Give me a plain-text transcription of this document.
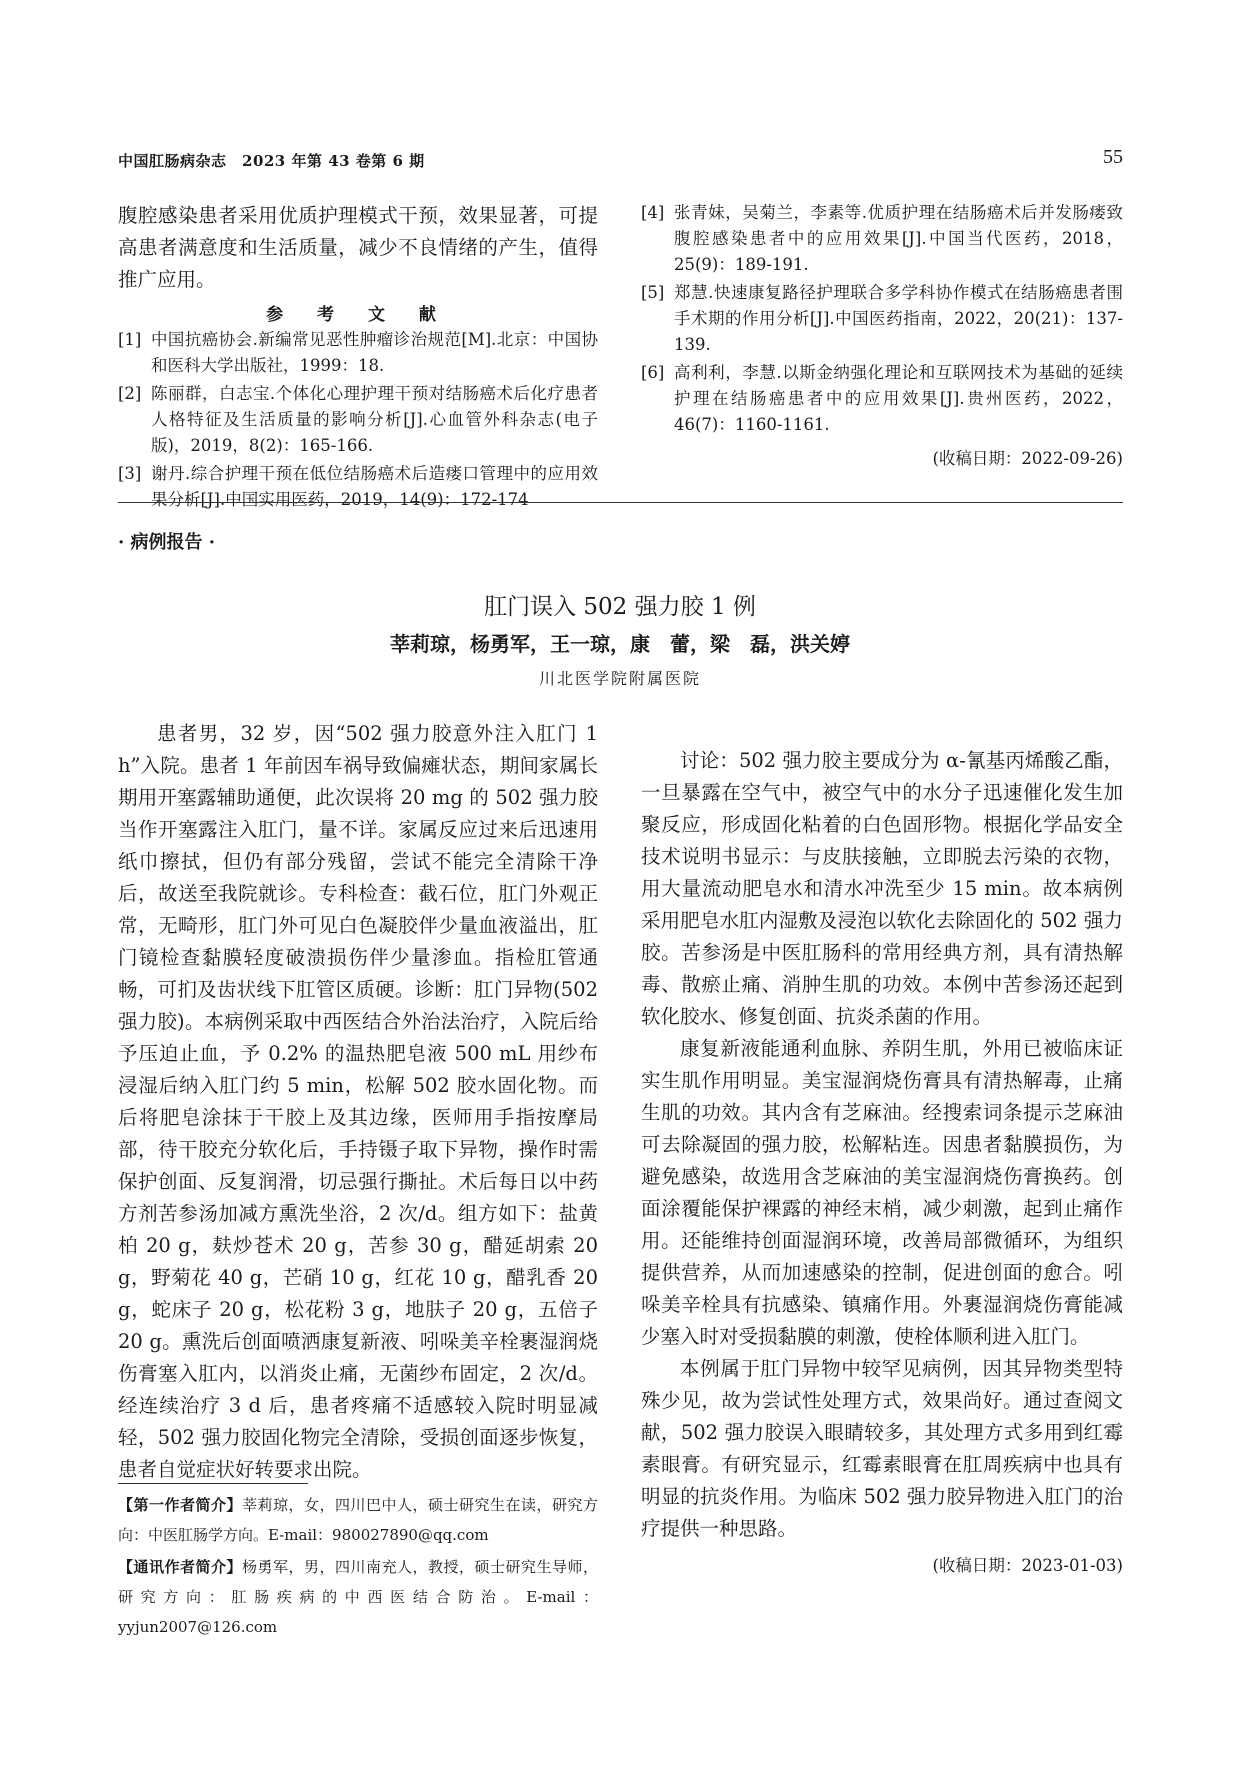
中国肛肠病杂志　2023 年第 43 卷第 6 期	55

腹腔感染患者采用优质护理模式干预，效果显著，可提高患者满意度和生活质量，减少不良情绪的产生，值得推广应用。

参 考 文 献
[1] 中国抗癌协会.新编常见恶性肿瘤诊治规范[M].北京：中国协和医科大学出版社，1999：18.
[2] 陈丽群，白志宝.个体化心理护理干预对结肠癌术后化疗患者人格特征及生活质量的影响分析[J].心血管外科杂志(电子版)，2019，8(2)：165-166.
[3] 谢丹.综合护理干预在低位结肠癌术后造瘘口管理中的应用效果分析[J].中国实用医药，2019，14(9)：172-174
[4] 张青妹，吴菊兰，李素等.优质护理在结肠癌术后并发肠瘘致腹腔感染患者中的应用效果[J].中国当代医药，2018，25(9)：189-191.
[5] 郑慧.快速康复路径护理联合多学科协作模式在结肠癌患者围手术期的作用分析[J].中国医药指南，2022，20(21)：137-139.
[6] 高利利，李慧.以斯金纳强化理论和互联网技术为基础的延续护理在结肠癌患者中的应用效果[J].贵州医药，2022，46(7)：1160-1161.
(收稿日期：2022-09-26)
· 病例报告 ·
肛门误入 502 强力胶 1 例
莘莉琼，杨勇军，王一琼，康　蕾，梁　磊，洪关婷
川北医学院附属医院

患者男，32 岁，因“502 强力胶意外注入肛门 1 h”入院。患者 1 年前因车祸导致偏瘫状态，期间家属长期用开塞露辅助通便，此次误将 20 mg 的 502 强力胶当作开塞露注入肛门，量不详。家属反应过来后迅速用纸巾擦拭，但仍有部分残留，尝试不能完全清除干净后，故送至我院就诊。专科检查：截石位，肛门外观正常，无畸形，肛门外可见白色凝胶伴少量血液溢出，肛门镜检查黏膜轻度破溃损伤伴少量渗血。指检肛管通畅，可扪及齿状线下肛管区质硬。诊断：肛门异物(502 强力胶)。本病例采取中西医结合外治法治疗，入院后给予压迫止血，予 0.2% 的温热肥皂液 500 mL 用纱布浸湿后纳入肛门约 5 min，松解 502 胶水固化物。而后将肥皂涂抹于干胶上及其边缘，医师用手指按摩局部，待干胶充分软化后，手持镊子取下异物，操作时需保护创面、反复润滑，切忌强行撕扯。术后每日以中药方剂苦参汤加减方熏洗坐浴，2 次/d。组方如下：盐黄柏 20 g，麸炒苍术 20 g，苦参 30 g，醋延胡索 20 g，野菊花 40 g，芒硝 10 g，红花 10 g，醋乳香 20 g，蛇床子 20 g，松花粉 3 g，地肤子 20 g，五倍子 20 g。熏洗后创面喷洒康复新液、吲哚美辛栓裹湿润烧伤膏塞入肛内，以消炎止痛，无菌纱布固定，2 次/d。经连续治疗 3 d 后，患者疼痛不适感较入院时明显减轻，502 强力胶固化物完全清除，受损创面逐步恢复，患者自觉症状好转要求出院。

讨论：502 强力胶主要成分为 α-氰基丙烯酸乙酯，一旦暴露在空气中，被空气中的水分子迅速催化发生加聚反应，形成固化粘着的白色固形物。根据化学品安全技术说明书显示：与皮肤接触，立即脱去污染的衣物，用大量流动肥皂水和清水冲洗至少 15 min。故本病例采用肥皂水肛内湿敷及浸泡以软化去除固化的 502 强力胶。苦参汤是中医肛肠科的常用经典方剂，具有清热解毒、散瘀止痛、消肿生肌的功效。本例中苦参汤还起到软化胶水、修复创面、抗炎杀菌的作用。

康复新液能通利血脉、养阴生肌，外用已被临床证实生肌作用明显。美宝湿润烧伤膏具有清热解毒，止痛生肌的功效。其内含有芝麻油。经搜索词条提示芝麻油可去除凝固的强力胶，松解粘连。因患者黏膜损伤，为避免感染，故选用含芝麻油的美宝湿润烧伤膏换药。创面涂覆能保护裸露的神经末梢，减少刺激，起到止痛作用。还能维持创面湿润环境，改善局部微循环，为组织提供营养，从而加速感染的控制，促进创面的愈合。吲哚美辛栓具有抗感染、镇痛作用。外裹湿润烧伤膏能减少塞入时对受损黏膜的刺激，使栓体顺利进入肛门。

本例属于肛门异物中较罕见病例，因其异物类型特殊少见，故为尝试性处理方式，效果尚好。通过查阅文献，502 强力胶误入眼睛较多，其处理方式多用到红霉素眼膏。有研究显示，红霉素眼膏在肛周疾病中也具有明显的抗炎作用。为临床 502 强力胶异物进入肛门的治疗提供一种思路。

(收稿日期：2023-01-03)

【第一作者简介】莘莉琼，女，四川巴中人，硕士研究生在读，研究方向：中医肛肠学方向。E-mail：980027890@qq.com

【通讯作者简介】杨勇军，男，四川南充人，教授，硕士研究生导师，研究方向：肛肠疾病的中西医结合防治。E-mail：yyjun2007@126.com
